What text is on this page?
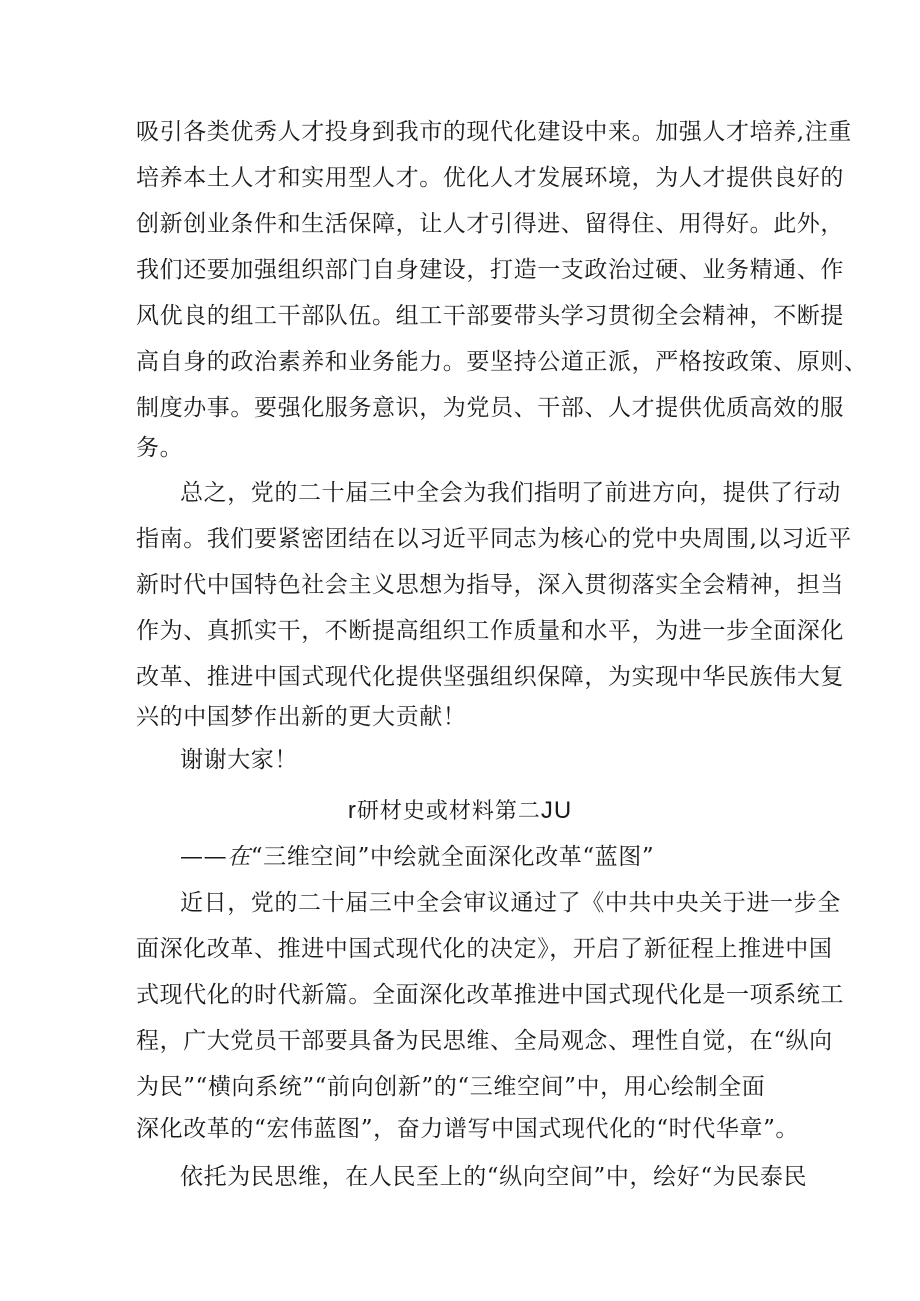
吸引各类优秀人才投身到我市的现代化建设中来。加强人才培养,注重
培养本土人才和实用型人才。优化人才发展环境，为人才提供良好的
创新创业条件和生活保障，让人才引得进、留得住、用得好。此外，
我们还要加强组织部门自身建设，打造一支政治过硬、业务精通、作
风优良的组工干部队伍。组工干部要带头学习贯彻全会精神，不断提
高自身的政治素养和业务能力。要坚持公道正派，严格按政策、原则、
制度办事。要强化服务意识，为党员、干部、人才提供优质高效的服
务。
总之，党的二十届三中全会为我们指明了前进方向，提供了行动
指南。我们要紧密团结在以习近平同志为核心的党中央周围,以习近平
新时代中国特色社会主义思想为指导，深入贯彻落实全会精神，担当
作为、真抓实干，不断提高组织工作质量和水平，为进一步全面深化
改革、推进中国式现代化提供坚强组织保障，为实现中华民族伟大复
兴的中国梦作出新的更大贡献！
谢谢大家！
r研材史或材料第二JU
——在“三维空间”中绘就全面深化改革“蓝图”
近日，党的二十届三中全会审议通过了《中共中央关于进一步全
面深化改革、推进中国式现代化的决定》，开启了新征程上推进中国
式现代化的时代新篇。全面深化改革推进中国式现代化是一项系统工
程，广大党员干部要具备为民思维、全局观念、理性自觉，在“纵向
为民”“横向系统”“前向创新”的“三维空间”中，用心绘制全面
深化改革的“宏伟蓝图”，奋力谱写中国式现代化的“时代华章”。
依托为民思维，在人民至上的“纵向空间”中，绘好“为民泰民
